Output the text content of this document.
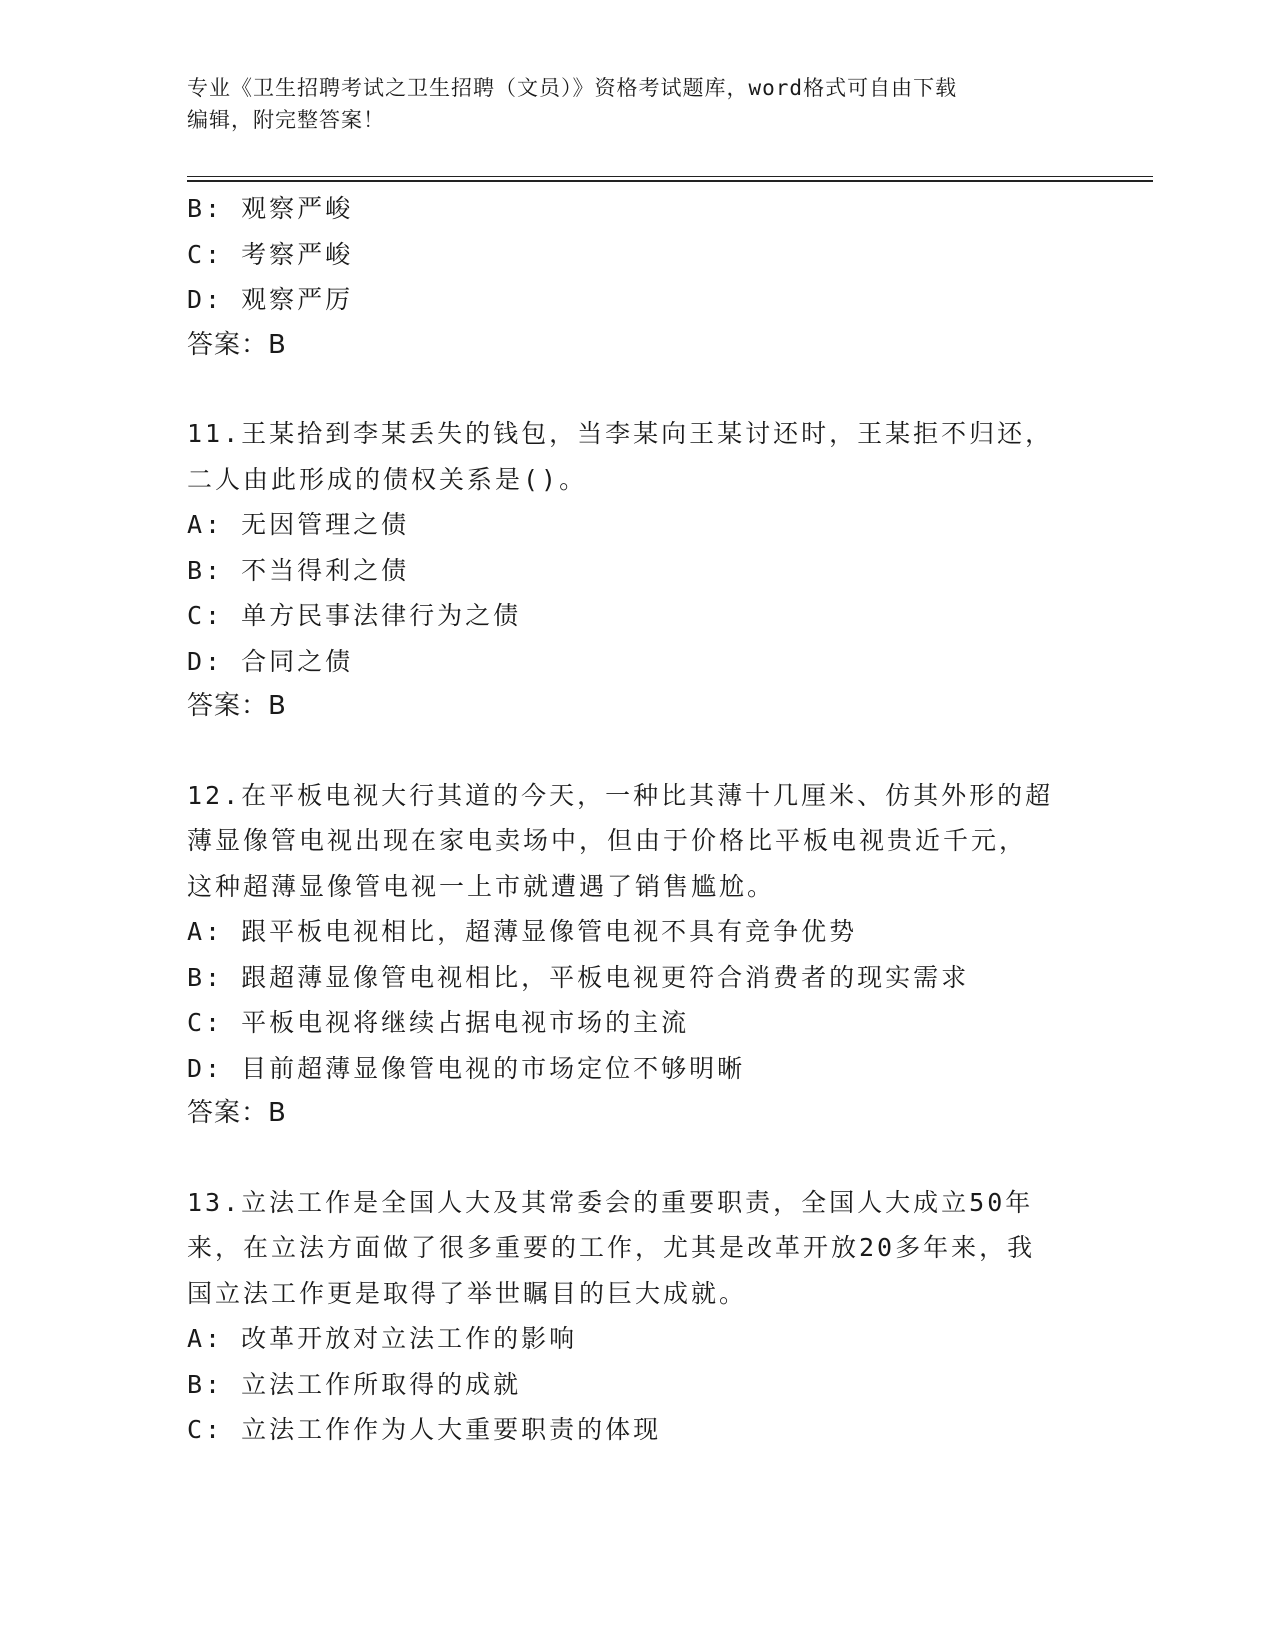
专业《卫生招聘考试之卫生招聘（文员）》资格考试题库，word格式可自由下载
编辑，附完整答案！
B: 观察严峻
C: 考察严峻
D: 观察严厉
答案：B
11.王某拾到李某丢失的钱包，当李某向王某讨还时，王某拒不归还，
二人由此形成的债权关系是()。
A: 无因管理之债
B: 不当得利之债
C: 单方民事法律行为之债
D: 合同之债
答案：B
12.在平板电视大行其道的今天，一种比其薄十几厘米、仿其外形的超
薄显像管电视出现在家电卖场中，但由于价格比平板电视贵近千元，
这种超薄显像管电视一上市就遭遇了销售尴尬。
A: 跟平板电视相比，超薄显像管电视不具有竞争优势
B: 跟超薄显像管电视相比，平板电视更符合消费者的现实需求
C: 平板电视将继续占据电视市场的主流
D: 目前超薄显像管电视的市场定位不够明晰
答案：B
13.立法工作是全国人大及其常委会的重要职责，全国人大成立50年
来，在立法方面做了很多重要的工作，尤其是改革开放20多年来，我
国立法工作更是取得了举世瞩目的巨大成就。
A: 改革开放对立法工作的影响
B: 立法工作所取得的成就
C: 立法工作作为人大重要职责的体现
